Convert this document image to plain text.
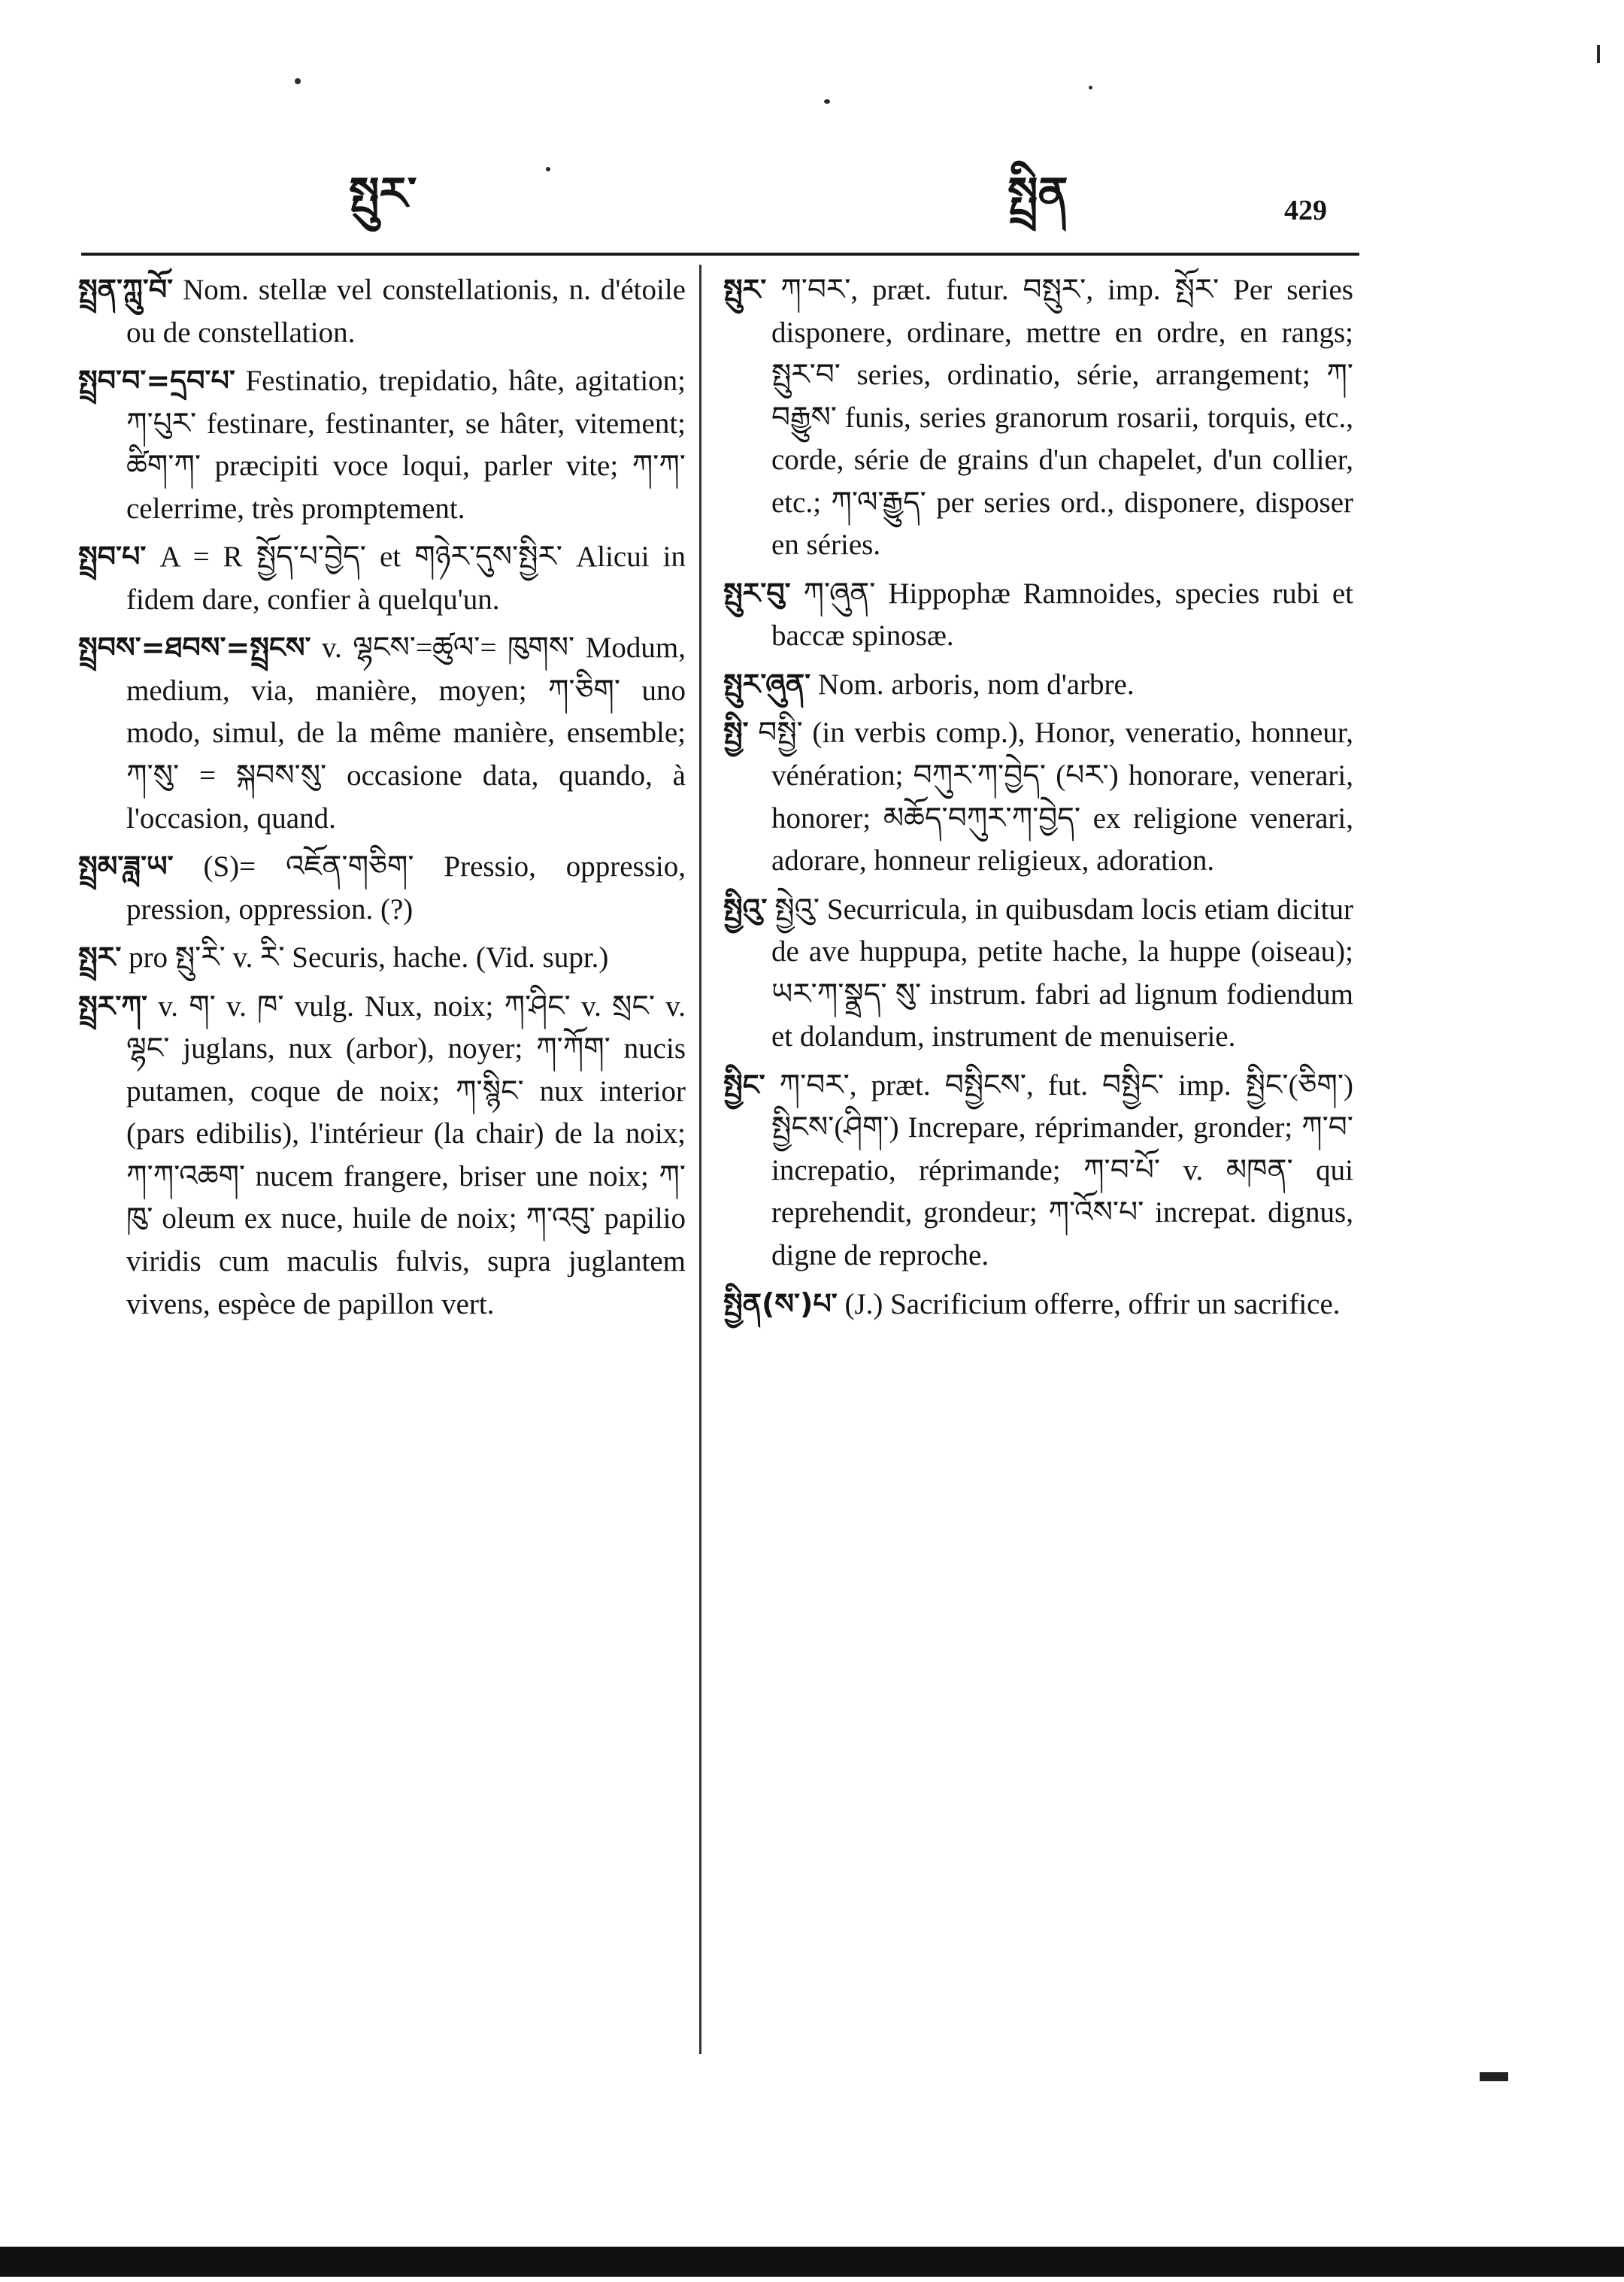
སྤུར་	སྤྲིན	429

སྤྲན་ཀླུ་བོ་ Nom. stellæ vel constellationis, n. d'étoile ou de constellation.

སྤྲབ་བ་=དྲབ་པ་ Festinatio, trepidatio, hâte, agitation; ཀ་པུར་ festinare, festinanter, se hâter, vitement; ཚིག་ཀ་ præcipiti voce loqui, parler vite; ཀ་ཀ་ celerrime, très promptement.

སྤྲབ་པ་ A = R སྤྱོད་པ་བྱེད་ et གཉེར་དུས་སྤྱིར་ Alicui in fidem dare, confier à quelqu'un.

སྤྲབས་=ཐབས་=སྤྲངས་ v. ལྷངས་=ཚུལ་= ཁུགས་ Modum, medium, via, manière, moyen; ཀ་ཅིག་ uno modo, simul, de la même manière, ensemble; ཀ་སུ་ = སྐབས་སུ་ occasione data, quando, à l'occasion, quand.

སྤྲམ་ཟླ་ཡ་ (S)= འཇོན་གཅིག་ Pressio, oppressio, pression, oppression. (?)

སྤྲར་ pro སྤུ་རི་ v. རི་ Securis, hache. (Vid. supr.)

སྤྲར་ཀ་ v. ག་ v. ཁ་ vulg. Nux, noix; ཀ་ཤིང་ v. སྲང་ v. ལྷང་ juglans, nux (arbor), noyer; ཀ་ཀོག་ nucis putamen, coque de noix; ཀ་སྙིང་ nux interior (pars edibilis), l'intérieur (la chair) de la noix; ཀ་ཀ་འཆག་ nucem frangere, briser une noix; ཀ་ཁུ་ oleum ex nuce, huile de noix; ཀ་འབུ་ papilio viridis cum maculis fulvis, supra juglantem vivens, espèce de papillon vert.

སྤུར་ ཀ་བར་, præt. futur. བསྤུར་, imp. སྤོར་ Per series disponere, ordinare, mettre en ordre, en rangs; སྤུར་བ་ series, ordinatio, série, arrangement; ཀ་བརྒྱུས་ funis, series granorum rosarii, torquis, etc., corde, série de grains d'un chapelet, d'un collier, etc.; ཀ་ལ་རྒྱུད་ per series ord., disponere, disposer en séries.

སྤུར་བུ་ ཀ་ཞུན་ Hippophæ Ramnoides, species rubi et baccæ spinosæ.

སྤུར་ཞུན་ Nom. arboris, nom d'arbre.

སྤྱི་ བསྤྱི་ (in verbis comp.), Honor, veneratio, honneur, vénération; བཀུར་ཀ་བྱེད་ (པར་) honorare, venerari, honorer; མཆོད་བཀུར་ཀ་བྱེད་ ex religione venerari, adorare, honneur religieux, adoration.

སྤྱིའུ་ སྤྱེའུ་ Securricula, in quibusdam locis etiam dicitur de ave huppupa, petite hache, la huppe (oiseau); ཡར་ཀ་སྣྲད་ སུ་ instrum. fabri ad lignum fodiendum et dolandum, instrument de menuiserie.

སྤྱིང་ ཀ་བར་, præt. བསྤྱིངས་, fut. བསྤྱིང་ imp. སྤྱིང་(ཅིག་) སྤྱིངས་(ཤིག་) Increpare, réprimander, gronder; ཀ་བ་ increpatio, réprimande; ཀ་བ་པོ་ v. མཁན་ qui reprehendit, grondeur; ཀ་འོས་པ་ increpat. dignus, digne de reproche.

སྤྱིན(ས་)པ་ (J.) Sacrificium offerre, offrir un sacrifice.
